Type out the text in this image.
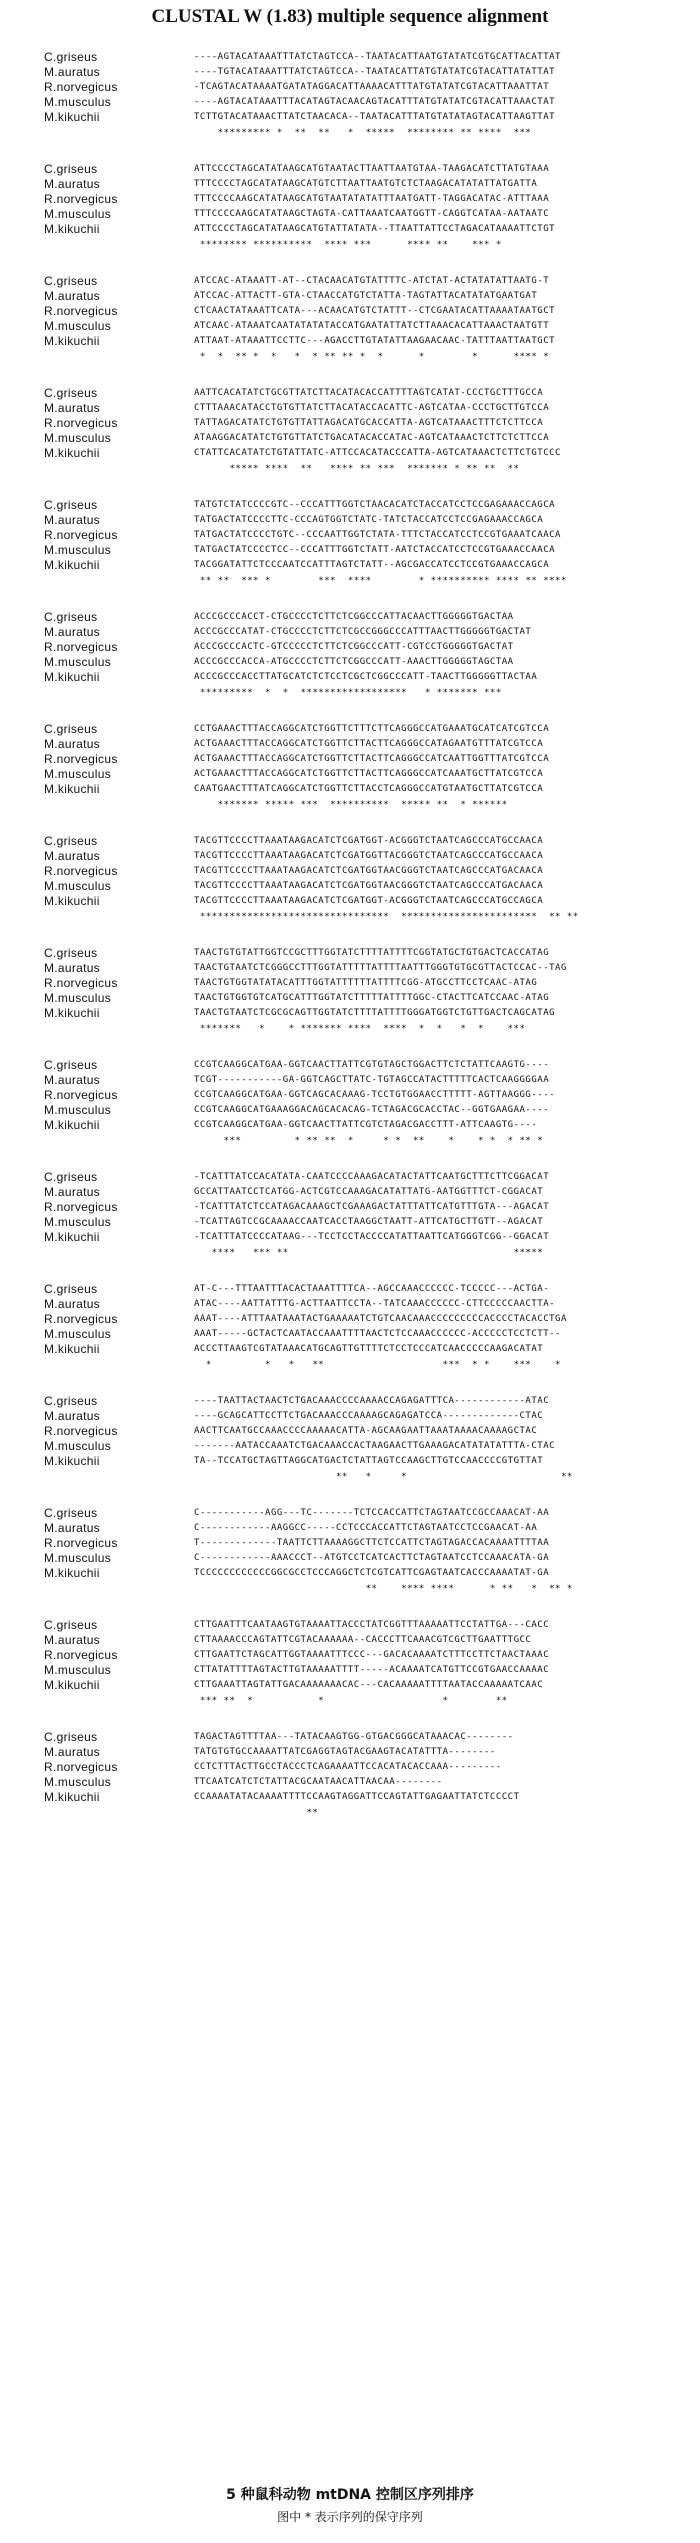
CLUSTAL W (1.83) multiple sequence alignment
C.griseus	----AGTACATAAATTTATCTAGTCCA--TAATACATTAATGTATATCGTGCATTACATTAT
M.auratus	----TGTACATAAATTTATCTAGTCCA--TAATACATTATGTATATCGTACATTATATTAT
R.norvegicus	-TCAGTACATAAAATGATATAGGACATTAAAACATTTATGTATATCGTACATTAAATTAT
M.musculus	----AGTACATAAATTTACATAGTACAACAGTACATTTATGTATATCGTACATTAAACTAT
M.kikuchii	TCTTGTACATAAACTTATCTAACACA--TAATACATTTATGTATATAGTACATTAAGTTAT
********* *  **  **   *  *****  ******** ** ****  ***
C.griseus	ATTCCCCTAGCATATAAGCATGTAATACTTAATTAATGTAA-TAAGACATCTTATGTAAA
M.auratus	TTTCCCCTAGCATATAAGCATGTCTTAATTAATGTCTCTAAGACATATATTATGATTA
R.norvegicus	TTTCCCCAAGCATATAAGCATGTAATATATATTTAATGATT-TAGGACATAC-ATTTAAA
M.musculus	TTTCCCCAAGCATATAAGCTAGTA-CATTAAATCAATGGTT-CAGGTCATAA-AATAATC
M.kikuchii	ATTCCCCTAGCATATAAGCATGTATTATATA--TTAATTATTCCTAGACATAAAATTCTGT
******** **********  **** ***      **** **    *** *
C.griseus	ATCCAC-ATAAATT-AT--CTACAACATGTATTTTC-ATCTAT-ACTATATATTAATG-T
M.auratus	ATCCAC-ATTACTT-GTA-CTAACCATGTCTATTA-TAGTATTACATATATGAATGAT
R.norvegicus	CTCAACTATAAATTCATA---ACAACATGTCTATTT--CTCGAATACATTAAAATAATGCT
M.musculus	ATCAAC-ATAAATCAATATATATACCATGAATATTATCTTAAACACATTAAACTAATGTT
M.kikuchii	ATTAAT-ATAAATTCCTTC---AGACCTTGTATATTAAGAACAAC-TATTTAATTAATGCT
*  *  ** *  *   *  * ** ** *  *      *        *      **** *
C.griseus	AATTCACATATCTGCGTTATCTTACATACACCATTTTAGTCATAT-CCCTGCTTTGCCA
M.auratus	CTTTAAACATACCTGTGTTATCTTACATACCACATTC-AGTCATAA-CCCTGCTTGTCCA
R.norvegicus	TATTAGACATATCTGTGTTATTAGACATGCACCATTA-AGTCATAAACTTTCTCTTCCA
M.musculus	ATAAGGACATATCTGTGTTATCTGACATACACCATAC-AGTCATAAACTCTTCTCTTCCA
M.kikuchii	CTATTCACATATCTGTATTATC-ATTCCACATACCCATTA-AGTCATAAACTCTTCTGTCCC
***** ****  **   **** ** ***  ******* * ** **  **
C.griseus	TATGTCTATCCCCGTC--CCCATTTGGTCTAACACATCTACCATCCTCCGAGAAACCAGCA
M.auratus	TATGACTATCCCCTTC-CCCAGTGGTCTATC-TATCTACCATCCTCCGAGAAACCAGCA
R.norvegicus	TATGACTATCCCCTGTC--CCCAATTGGTCTATA-TTTCTACCATCCTCCGTGAAATCAACA
M.musculus	TATGACTATCCCCTCC--CCCATTTGGTCTATT-AATCTACCATCCTCCGTGAAACCAACA
M.kikuchii	TACGGATATTCTCCCAATCCATTTAGTCTATT--AGCGACCATCCTCCGTGAAACCAGCA
** **  *** *        ***  ****        * ********** **** ** ****
C.griseus	ACCCGCCCACCT-CTGCCCCTCTTCTCGGCCCATTACAACTTGGGGGTGACTAA
M.auratus	ACCCGCCCATAT-CTGCCCCTCTTCTCGCCGGGCCCATTTAACTTGGGGGTGACTAT
R.norvegicus	ACCCGCCCACTC-GTCCCCCTCTTCTCGGCCCATT-CGTCCTGGGGGTGACTAT
M.musculus	ACCCGCCCACCA-ATGCCCCTCTTCTCGGCCCATT-AAACTTGGGGGTAGCTAA
M.kikuchii	ACCCGCCCACCTTATGCATCTCTCCTCGCTCGGCCCATT-TAACTTGGGGGTTACTAA
*********  *  *  ******************   * ******* ***
C.griseus	CCTGAAACTTTACCAGGCATCTGGTTCTTTCTTCAGGGCCATGAAATGCATCATCGTCCA
M.auratus	ACTGAAACTTTACCAGGCATCTGGTTCTTACTTCAGGGCCATAGAATGTTTATCGTCCA
R.norvegicus	ACTGAAACTTTACCAGGCATCTGGTTCTTACTTCAGGGCCATCAATTGGTTTATCGTCCA
M.musculus	ACTGAAACTTTACCAGGCATCTGGTTCTTACTTCAGGGCCATCAAATGCTTATCGTCCA
M.kikuchii	CAATGAACTTTATCAGGCATCTGGTTCTTACCTCAGGGCCATGTAATGCTTATCGTCCA
******* ***** ***  **********  ***** **  * ******
C.griseus	TACGTTCCCCTTAAATAAGACATCTCGATGGT-ACGGGTCTAATCAGCCCATGCCAACA
M.auratus	TACGTTCCCCTTAAATAAGACATCTCGATGGTTACGGGTCTAATCAGCCCATGCCAACA
R.norvegicus	TACGTTCCCCTTAAATAAGACATCTCGATGGTAACGGGTCTAATCAGCCCATGACAACA
M.musculus	TACGTTCCCCTTAAATAAGACATCTCGATGGTAACGGGTCTAATCAGCCCATGACAACA
M.kikuchii	TACGTTCCCCTTAAATAAGACATCTCGATGGT-ACGGGTCTAATCAGCCCATGCCAGCA
********************************  ***********************  ** **
C.griseus	TAACTGTGTATTGGTCCGCTTTGGTATCTTTTATTTTCGGTATGCTGTGACTCACCATAG
M.auratus	TAACTGTAATCTCGGGCCTTTGGTATTTTTATTTTAATTTGGGTGTGCGTTACTCCAC--TAG
R.norvegicus	TAACTGTGGTATATACATTTGGTATTTTTTATTTTCGG-ATGCCTTCCTCAAC-ATAG
M.musculus	TAACTGTGGTGTCATGCATTTGGTATCTTTTTATTTTGGC-CTACTTCATCCAAC-ATAG
M.kikuchii	TAACTGTAATCTCGCGCAGTTGGTATCTTTTATTTTGGGATGGTCTGTTGACTCAGCATAG
*******   *    * ******* ****  ****  *  *   *  *    ***
C.griseus	CCGTCAAGGCATGAA-GGTCAACTTATTCGTGTAGCTGGACTTCTCTATTCAAGTG----
M.auratus	TCGT-----------GA-GGTCAGCTTATC-TGTAGCCATACTTTTTCACTCAAGGGGAA
R.norvegicus	CCGTCAAGGCATGAA-GGTCAGCACAAAG-TCCTGTGGAACCTTTTT-AGTTAAGGG----
M.musculus	CCGTCAAGGCATGAAAGGACAGCACACAG-TCTAGACGCACCTAC--GGTGAAGAA----
M.kikuchii	CCGTCAAGGCATGAA-GGTCAACTTATTCGTCTAGACGACCTTT-ATTCAAGTG----
***         * ** **  *     * *  **    *    * *  * ** *
C.griseus	-TCATTTATCCACATATA-CAATCCCCAAAGACATACTATTCAATGCTTTCTTCGGACAT
M.auratus	GCCATTAATCCTCATGG-ACTCGTCCAAAGACATATTATG-AATGGTTTCT-CGGACAT
R.norvegicus	-TCATTTATCTCCATAGACAAAGCTCGAAAGACTATTTATTCATGTTTGTA---AGACAT
M.musculus	-TCATTAGTCCGCAAAACCAATCACCTAAGGCTAATT-ATTCATGCTTGTT--AGACAT
M.kikuchii	-TCATTTATCCCCATAAG---TCCTCCTACCCCATATTAATTCATGGGTCGG--GGACAT
****   *** **                                      *****
C.griseus	AT-C---TTTAATTTACACTAAATTTTCA--AGCCAAACCCCCC-TCCCCC---ACTGA-
M.auratus	ATAC----AATTATTTG-ACTTAATTCCTA--TATCAAACCCCCC-CTTCCCCCAACTTA-
R.norvegicus	AAAT----ATTTAATAAATACTGAAAAATCTGTCAACAAACCCCCCCCCACCCCTACACCTGA
M.musculus	AAAT-----GCTACTCAATACCAAATTTTAACTCTCCAAACCCCCC-ACCCCCTCCTCTT--
M.kikuchii	ACCCTTAAGTCGTATAAACATGCAGTTGTTTTCTCCTCCCATCAACCCCCAAGACATAT
*         *   *   **                    ***  * *    ***    *
C.griseus	----TAATTACTAACTCTGACAAACCCCAAAACCAGAGATTTCA------------ATAC
M.auratus	----GCAGCATTCCTTCTGACAAACCCAAAAGCAGAGATCCA-------------CTAC
R.norvegicus	AACTTCAATGCCAAACCCCAAAAACATTA-AGCAAGAATTAAATAAAACAAAAGCTAC
M.musculus	-------AATACCAAATCTGACAAACCACTAAGAACTTGAAAGACATATATATTTA-CTAC
M.kikuchii	TA--TCCATGCTAGTTAGGCATGACTCTATTAGTCCAAGCTTGTCCAACCCCGTGTTAT
**   *     *                          **
C.griseus	C-----------AGG---TC-------TCTCCACCATTCTAGTAATCCGCCAAACAT-AA
M.auratus	C------------AAGGCC-----CCTCCCACCATTCTAGTAATCCTCCGAACAT-AA
R.norvegicus	T-------------TAATTCTTAAAAGGCTTCTCCATTCTAGTAGACCACAAAATTTTAA
M.musculus	C------------AAACCCT--ATGTCCTCATCACTTCTAGTAATCCTCCAAACATA-GA
M.kikuchii	TCCCCCCCCCCCCGGCGCCTCCCAGGCTCTCGTCATTCGAGTAATCACCCAAAATAT-GA
**    **** ****      * **   *  ** *
C.griseus	CTTGAATTTCAATAAGTGTAAAATTACCCTATCGGTTTAAAAATTCCTATTGA---CACC
M.auratus	CTTAAAACCCAGTATTCGTACAAAAAA--CACCCTTCAAACGTCGCTTGAATTTGCC
R.norvegicus	CTTGAATTCTAGCATTGGTAAAATTTCCC---GACACAAAATCTTTCCTTCTAACTAAAC
M.musculus	CTTATATTTTAGTACTTGTAAAAATTTT-----ACAAAATCATGTTCCGTGAACCAAAAC
M.kikuchii	CTTGAAATTAGTATTGACAAAAAAACAC---CACAAAAATTTTAATACCAAAAATCAAC
*** **  *           *                    *        **
C.griseus	TAGACTAGTTTTAA---TATACAAGTGG-GTGACGGGCATAAACAC--------
M.auratus	TATGTGTGCCAAAATTATCGAGGTAGTACGAAGTACATATTTA--------
R.norvegicus	CCTCTTTACTTGCCTACCCTCAGAAAATTCCACATACACCAAA---------
M.musculus	TTCAATCATCTCTATTACGCAATAACATTAACAA--------
M.kikuchii	CCAAAATATACAAAATTTTCCAAGTAGGATTCCAGTATTGAGAATTATCTCCCCT
**
5 种鼠科动物 mtDNA 控制区序列排序
图中 * 表示序列的保守序列
